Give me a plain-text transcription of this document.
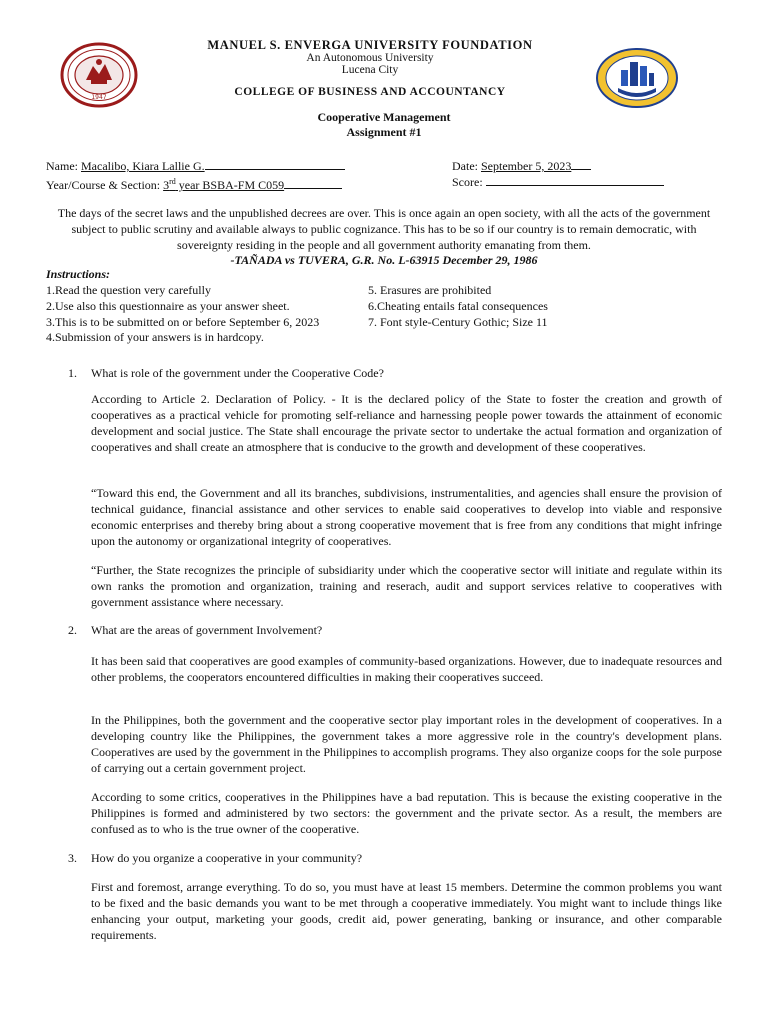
1947
MANUEL S. ENVERGA UNIVERSITY FOUNDATION
An Autonomous University
Lucena City
COLLEGE OF BUSINESS AND ACCOUNTANCY
Cooperative Management
Assignment #1
Name: Macalibo, Kiara Lallie G.
Year/Course & Section: 3rd year BSBA-FM C059
Date: September 5, 2023
Score:
The days of the secret laws and the unpublished decrees are over. This is once again an open society, with all the acts of the government subject to public scrutiny and available always to public cognizance. This has to be so if our country is to remain democratic, with sovereignty residing in the people and all government authority emanating from them.
-TAÑADA vs TUVERA, G.R. No. L-63915 December 29, 1986
Instructions:
1.Read the question very carefully
2.Use also this questionnaire as your answer sheet.
3.This is to be submitted on or before September 6, 2023
4.Submission of your answers is in hardcopy.
5. Erasures are prohibited
6.Cheating entails fatal consequences
7. Font style-Century Gothic; Size 11
1. What is role of the government under the Cooperative Code?
According to Article 2. Declaration of Policy. - It is the declared policy of the State to foster the creation and growth of cooperatives as a practical vehicle for promoting self-reliance and harnessing people power towards the attainment of economic development and social justice. The State shall encourage the private sector to undertake the actual formation and organization of cooperatives and shall create an atmosphere that is conducive to the growth and development of these cooperatives.
“Toward this end, the Government and all its branches, subdivisions, instrumentalities, and agencies shall ensure the provision of technical guidance, financial assistance and other services to enable said cooperatives to develop into viable and responsive economic enterprises and thereby bring about a strong cooperative movement that is free from any conditions that might infringe upon the autonomy or organizational integrity of cooperatives.
“Further, the State recognizes the principle of subsidiarity under which the cooperative sector will initiate and regulate within its own ranks the promotion and organization, training and reserach, audit and support services relative to cooperatives with government assistance where necessary.
2. What are the areas of government Involvement?
It has been said that cooperatives are good examples of community-based organizations. However, due to inadequate resources and other problems, the cooperators encountered difficulties in making their cooperatives succeed.
In the Philippines, both the government and the cooperative sector play important roles in the development of cooperatives. In a developing country like the Philippines, the government takes a more aggressive role in the country's development plans. Cooperatives are used by the government in the Philippines to accomplish programs. They also organize coops for the sole purpose of carrying out a certain government project.
According to some critics, cooperatives in the Philippines have a bad reputation. This is because the existing cooperative in the Philippines is formed and administered by two sectors: the government and the private sector. As a result, the members are confused as to who is the true owner of the cooperative.
3. How do you organize a cooperative in your community?
First and foremost, arrange everything. To do so, you must have at least 15 members. Determine the common problems you want to be fixed and the basic demands you want to be met through a cooperative immediately. You might want to include things like enhancing your output, marketing your goods, credit aid, power generating, banking or insurance, and other comparable requirements.
